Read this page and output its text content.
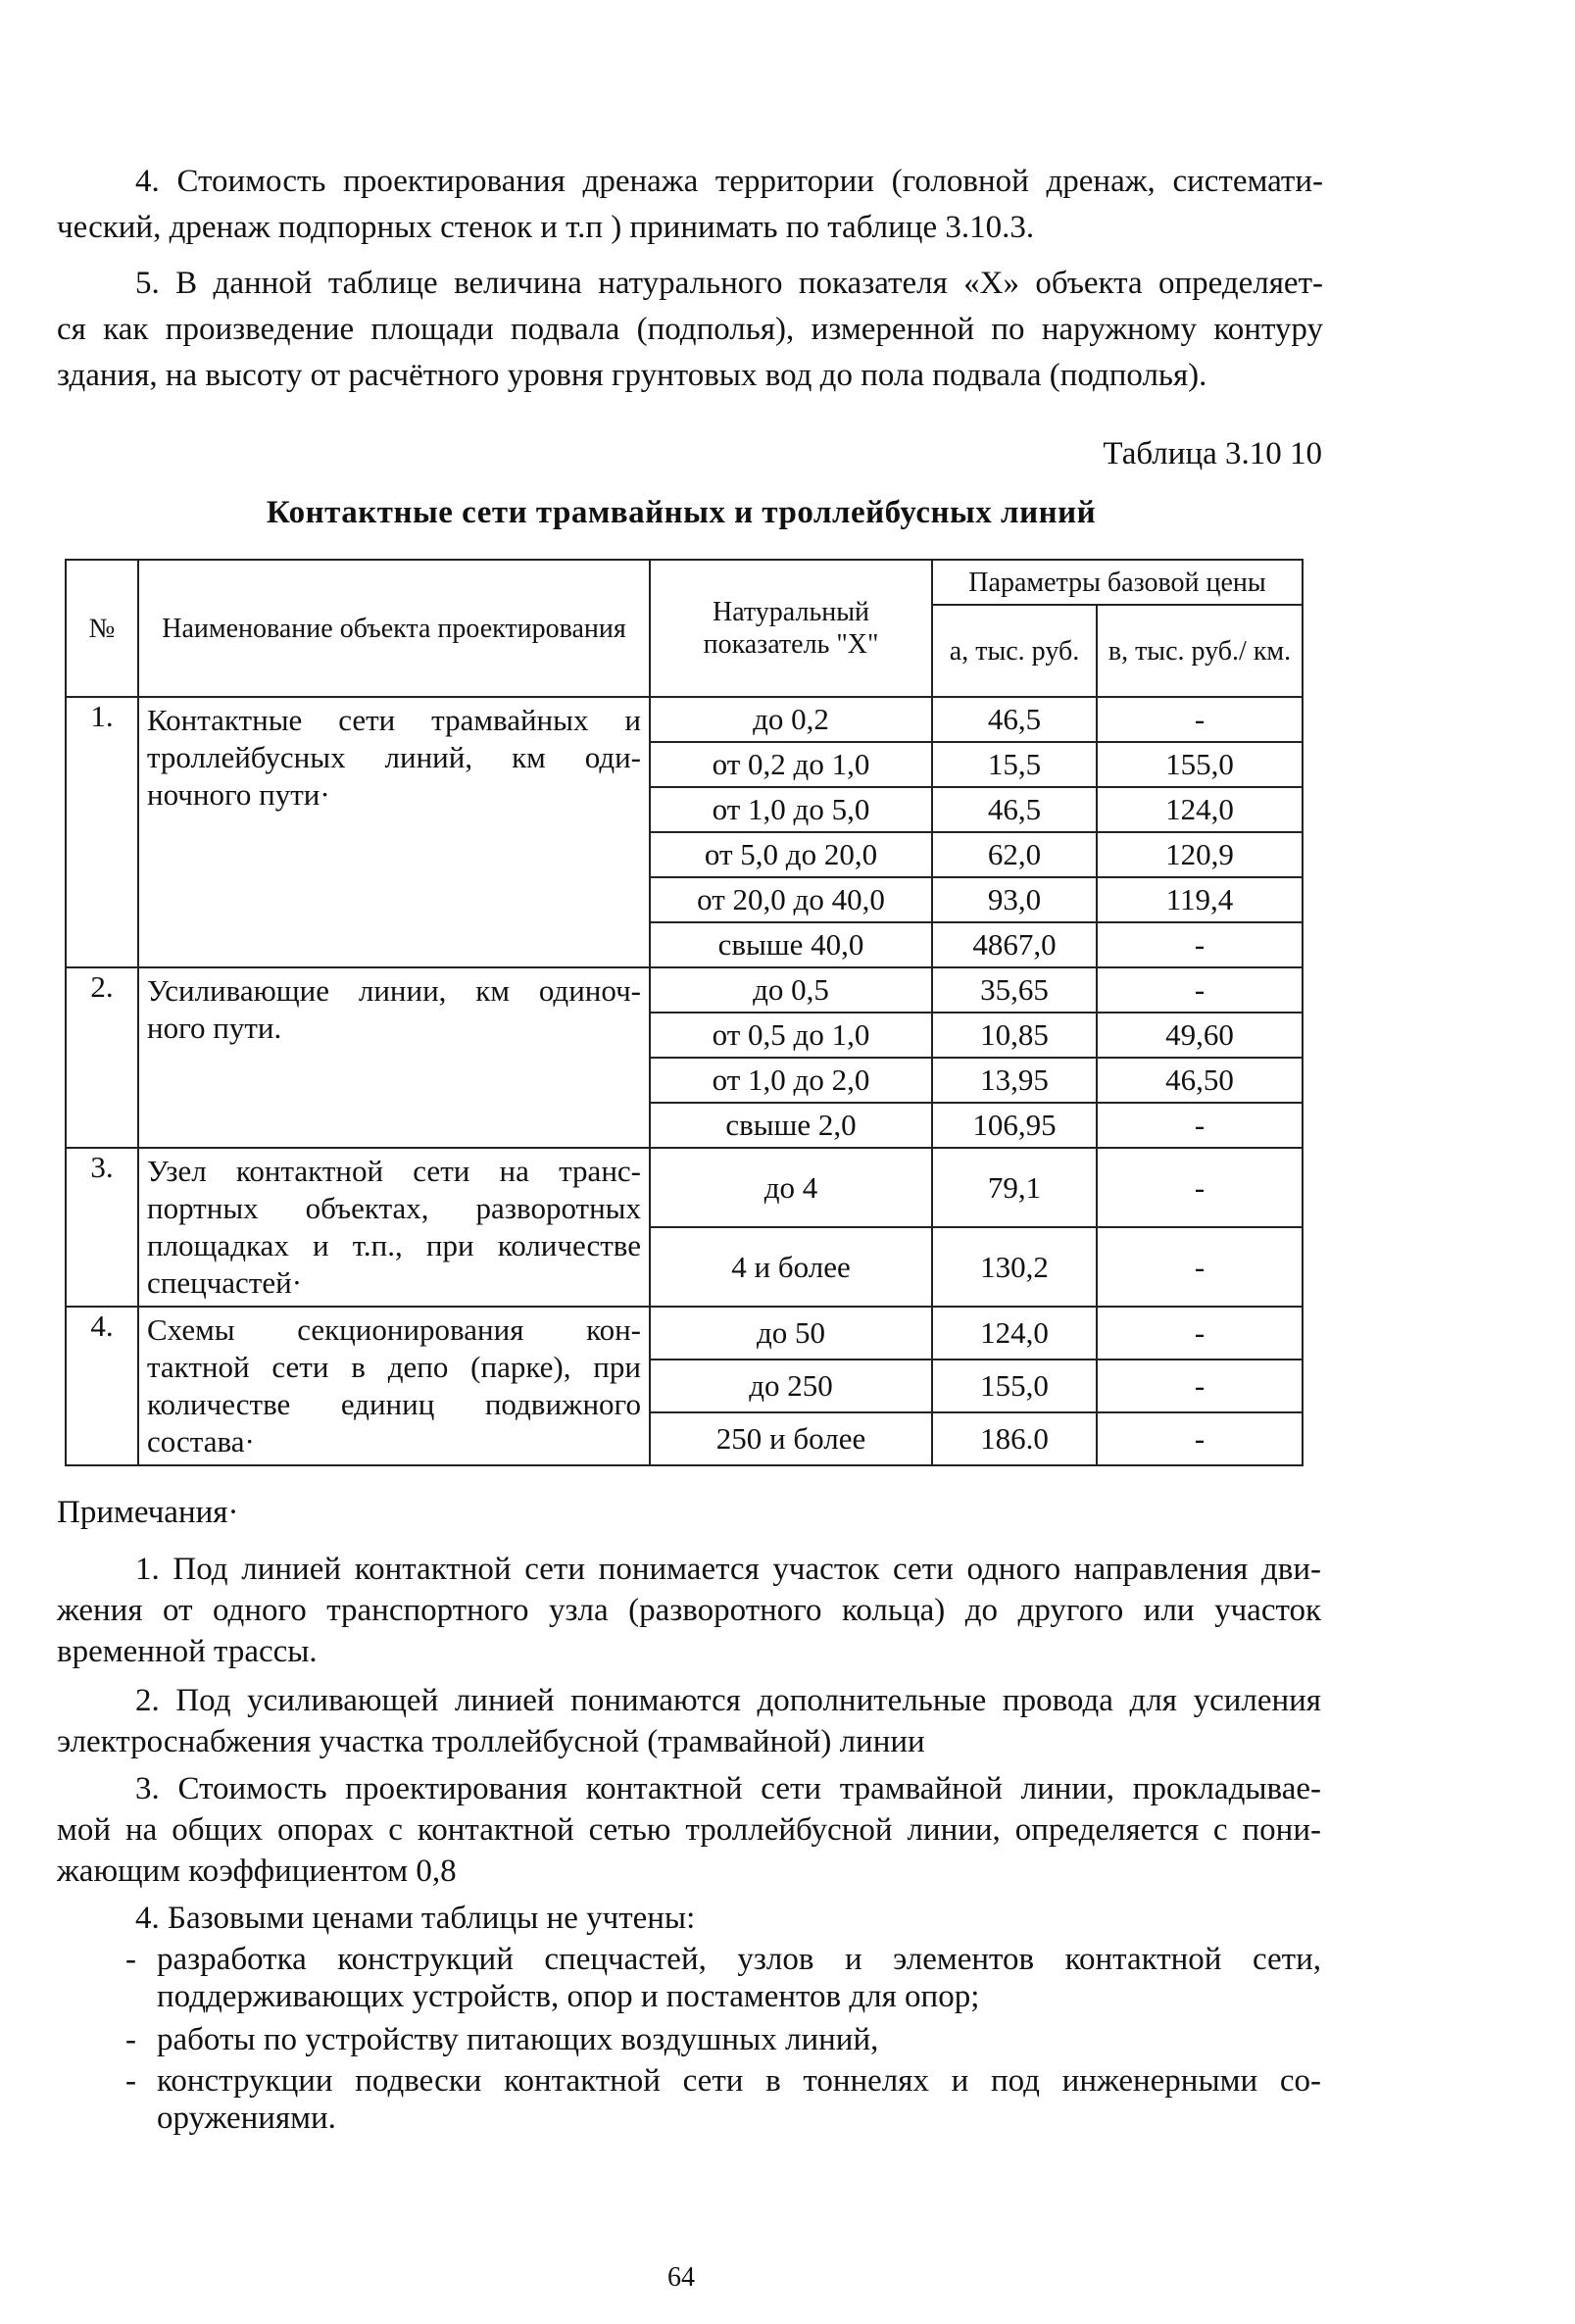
4. Стоимость проектирования дренажа территории (головной дренаж, системати-
ческий, дренаж подпорных стенок и т.п ) принимать по таблице 3.10.3.
5. В данной таблице величина натурального показателя «Х» объекта определяет-
ся как произведение площади подвала (подполья), измеренной по наружному контуру
здания, на высоту от расчётного уровня грунтовых вод до пола подвала (подполья).
Таблица 3.10 10
Контактные сети трамвайных и троллейбусных линий
№	Наименование объекта проектирования	Натуральный показатель "Х"	Параметры базовой цены	
			а, тыс. руб.	в, тыс. руб./ км.
1.	Контактные сети трамвайных и
троллейбусных линий, км оди-
ночного пути·	до 0,2	46,5	-
		от 0,2 до 1,0	15,5	155,0
		от 1,0 до 5,0	46,5	124,0
		от 5,0 до 20,0	62,0	120,9
		от 20,0 до 40,0	93,0	119,4
		свыше 40,0	4867,0	-
2.	Усиливающие линии, км одиноч-
ного пути.	до 0,5	35,65	-
		от 0,5 до 1,0	10,85	49,60
		от 1,0 до 2,0	13,95	46,50
		свыше 2,0	106,95	-
3.	Узел контактной сети на транс-
портных объектах, разворотных
площадках и т.п., при количестве
спецчастей·	до 4	79,1	-
		4 и более	130,2	-
4.	Схемы секционирования кон-
тактной сети в депо (парке), при
количестве единиц подвижного
состава·	до 50	124,0	-
		до 250	155,0	-
		250 и более	186.0	-
Примечания·
1. Под линией контактной сети понимается участок сети одного направления дви-
жения от одного транспортного узла (разворотного кольца) до другого или участок
временной трассы.
2. Под усиливающей линией понимаются дополнительные провода для усиления
электроснабжения участка троллейбусной (трамвайной) линии
3. Стоимость проектирования контактной сети трамвайной линии, прокладывае-
мой на общих опорах с контактной сетью троллейбусной линии, определяется с пони-
жающим коэффициентом 0,8
4. Базовыми ценами таблицы не учтены:
- разработка конструкций спецчастей, узлов и элементов контактной сети,
поддерживающих устройств, опор и постаментов для опор;
- работы по устройству питающих воздушных линий,
- конструкции подвески контактной сети в тоннелях и под инженерными со-
оружениями.
64
